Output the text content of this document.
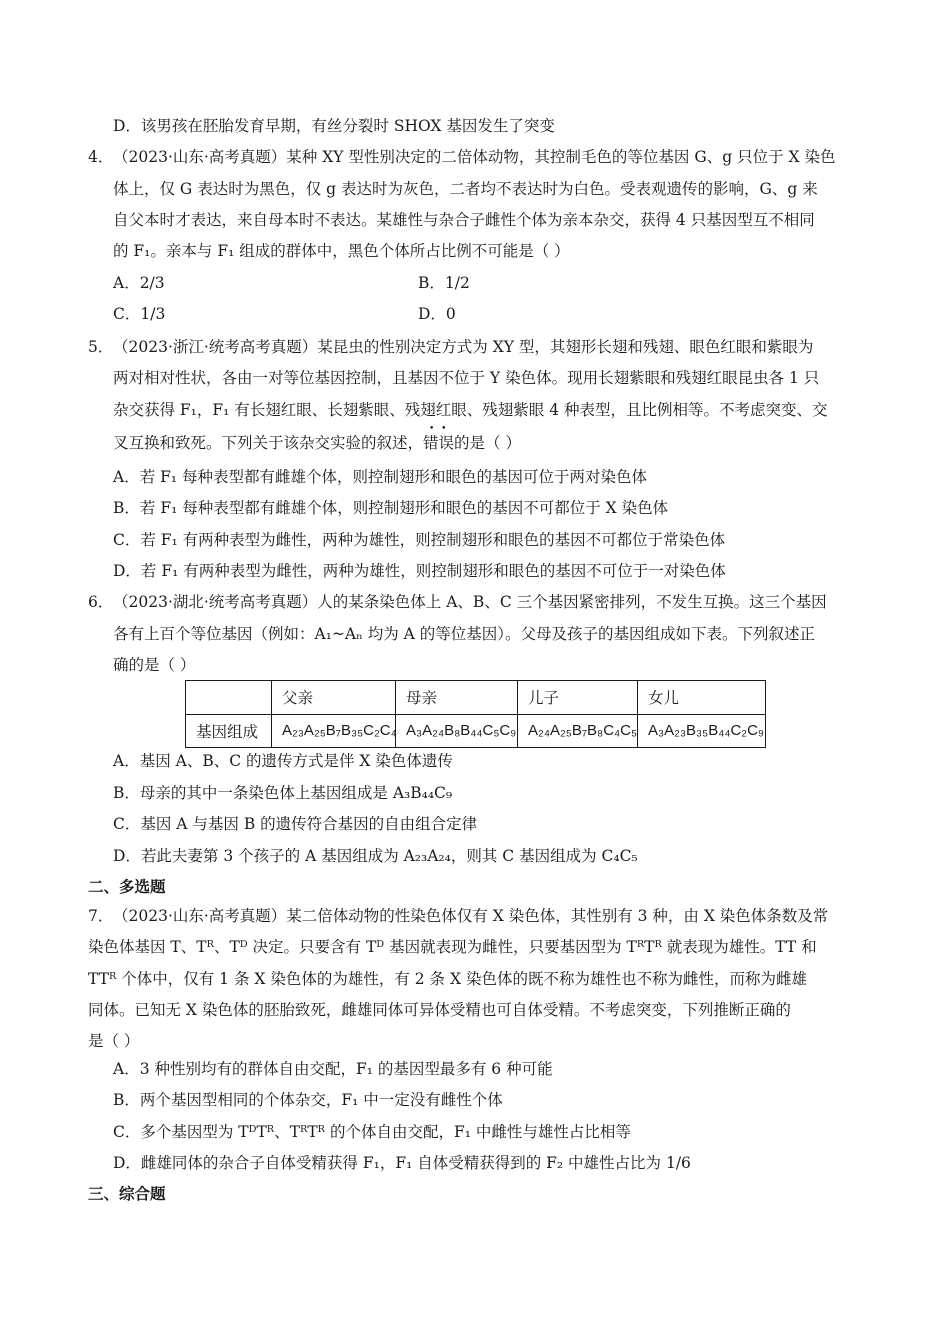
D．该男孩在胚胎发育早期，有丝分裂时 SHOX 基因发生了突变
4． （2023·山东·高考真题）某种 XY 型性别决定的二倍体动物，其控制毛色的等位基因 G、g 只位于 X 染色
体上，仅 G 表达时为黑色，仅 g 表达时为灰色，二者均不表达时为白色。受表观遗传的影响，G、g 来
自父本时才表达，来自母本时不表达。某雄性与杂合子雌性个体为亲本杂交，获得 4 只基因型互不相同
的 F₁。亲本与 F₁ 组成的群体中，黑色个体所占比例不可能是（ ）
A．2/3	B．1/2
C．1/3	D．0
5． （2023·浙江·统考高考真题）某昆虫的性别决定方式为 XY 型，其翅形长翅和残翅、眼色红眼和紫眼为
两对相对性状，各由一对等位基因控制，且基因不位于 Y 染色体。现用长翅紫眼和残翅红眼昆虫各 1 只
杂交获得 F₁，F₁ 有长翅红眼、长翅紫眼、残翅红眼、残翅紫眼 4 种表型，且比例相等。不考虑突变、交
叉互换和致死。下列关于该杂交实验的叙述，• • 错误的是（ ）
A．若 F₁ 每种表型都有雌雄个体，则控制翅形和眼色的基因可位于两对染色体
B．若 F₁ 每种表型都有雌雄个体，则控制翅形和眼色的基因不可都位于 X 染色体
C．若 F₁ 有两种表型为雌性，两种为雄性，则控制翅形和眼色的基因不可都位于常染色体
D．若 F₁ 有两种表型为雌性，两种为雄性，则控制翅形和眼色的基因不可位于一对染色体
6． （2023·湖北·统考高考真题）人的某条染色体上 A、B、C 三个基因紧密排列，不发生互换。这三个基因
各有上百个等位基因（例如：A₁~Aₙ 均为 A 的等位基因）。父母及孩子的基因组成如下表。下列叙述正
确的是（ ）
	父亲	母亲	儿子	女儿
基因组成	A₂₃A₂₅B₇B₃₅C₂C₄	A₃A₂₄B₈B₄₄C₅C₉	A₂₄A₂₅B₇B₈C₄C₅	A₃A₂₃B₃₅B₄₄C₂C₉
A．基因 A、B、C 的遗传方式是伴 X 染色体遗传
B．母亲的其中一条染色体上基因组成是 A₃B₄₄C₉
C．基因 A 与基因 B 的遗传符合基因的自由组合定律
D．若此夫妻第 3 个孩子的 A 基因组成为 A₂₃A₂₄，则其 C 基因组成为 C₄C₅
二、多选题
7． （2023·山东·高考真题）某二倍体动物的性染色体仅有 X 染色体，其性别有 3 种，由 X 染色体条数及常
染色体基因 T、Tᴿ、Tᴰ 决定。只要含有 Tᴰ 基因就表现为雌性，只要基因型为 TᴿTᴿ 就表现为雄性。TT 和
TTᴿ 个体中，仅有 1 条 X 染色体的为雄性，有 2 条 X 染色体的既不称为雄性也不称为雌性，而称为雌雄
同体。已知无 X 染色体的胚胎致死，雌雄同体可异体受精也可自体受精。不考虑突变，下列推断正确的
是（ ）
A．3 种性别均有的群体自由交配，F₁ 的基因型最多有 6 种可能
B．两个基因型相同的个体杂交，F₁ 中一定没有雌性个体
C．多个基因型为 TᴰTᴿ、TᴿTᴿ 的个体自由交配，F₁ 中雌性与雄性占比相等
D．雌雄同体的杂合子自体受精获得 F₁，F₁ 自体受精获得到的 F₂ 中雄性占比为 1/6
三、综合题
